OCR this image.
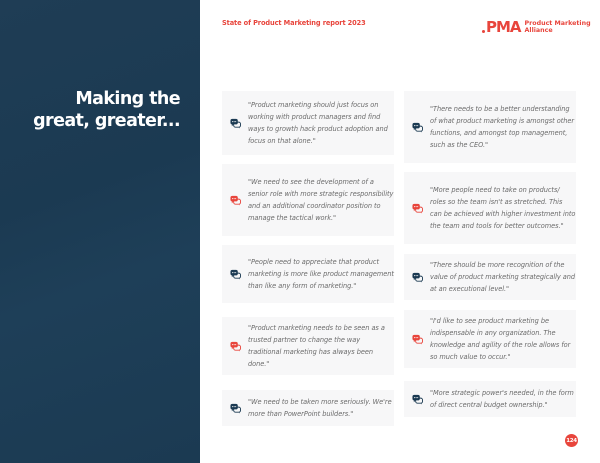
Making the
great, greater...
State of Product Marketing report 2023	PMA Product Marketing
Alliance
"Product marketing should just focus on working with product managers and find ways to growth hack product adoption and focus on that alone."
"We need to see the development of a senior role with more strategic responsibility and an additional coordinator position to manage the tactical work."
"People need to appreciate that product marketing is more like product management than like any form of marketing."
"Product marketing needs to be seen as a trusted partner to change the way traditional marketing has always been done."
"We need to be taken more seriously. We're more than PowerPoint builders."
"There needs to be a better understanding of what product marketing is amongst other functions, and amongst top management, such as the CEO."
"More people need to take on products/ roles so the team isn't as stretched. This can be achieved with higher investment into the team and tools for better outcomes."
"There should be more recognition of the value of product marketing strategically and at an executional level."
"I'd like to see product marketing be indispensable in any organization. The knowledge and agility of the role allows for so much value to occur."
"More strategic power's needed, in the form of direct central budget ownership."
124
